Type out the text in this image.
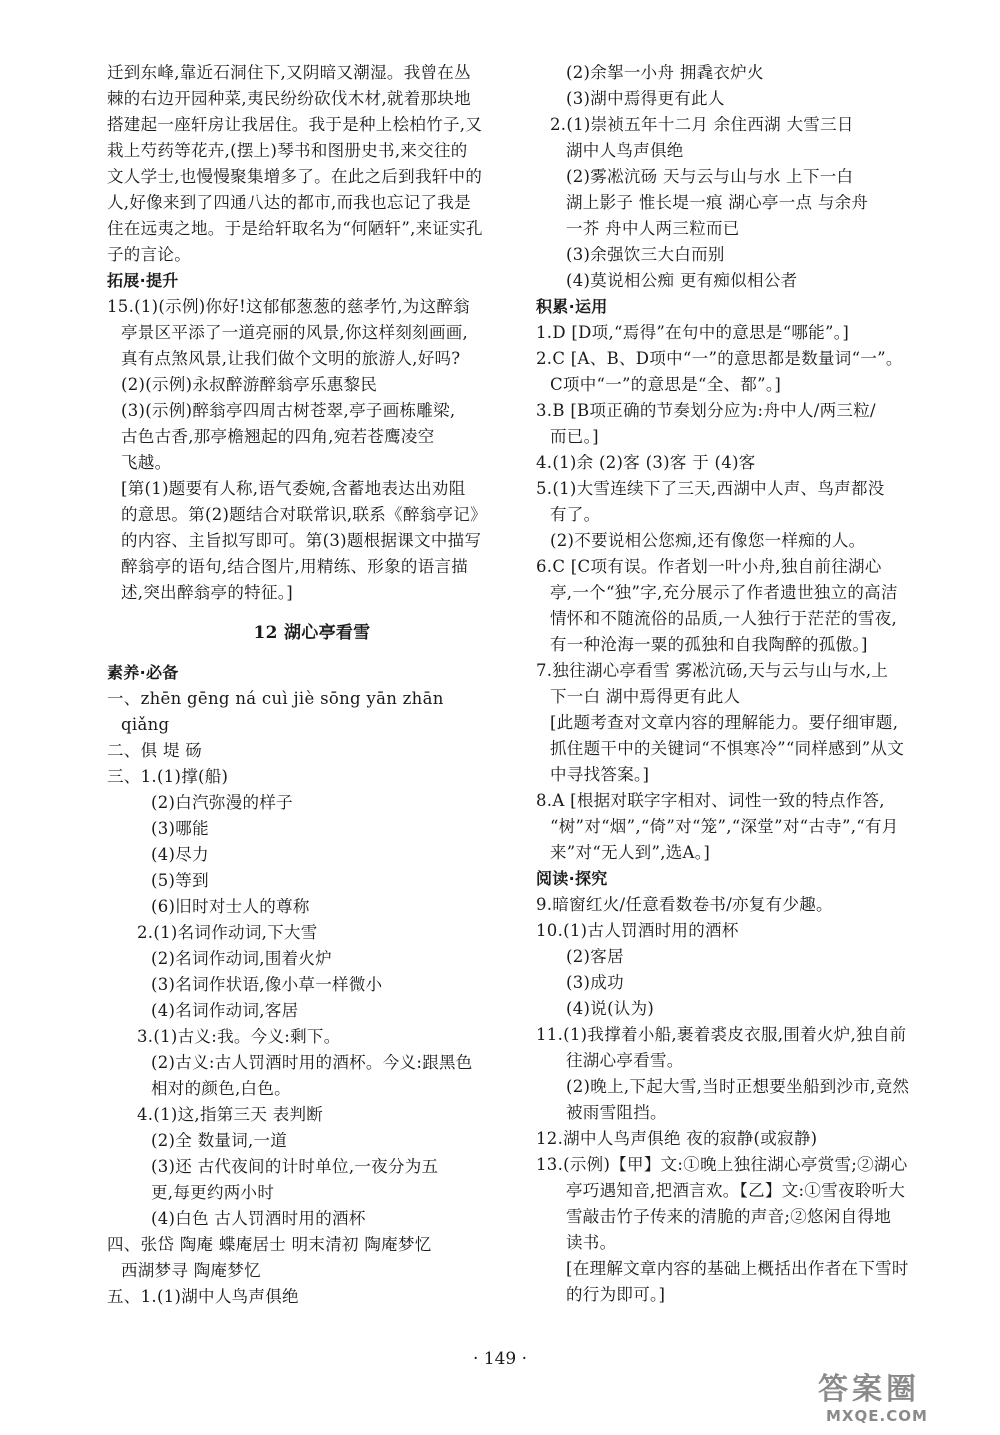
迁到东峰,靠近石洞住下,又阴暗又潮湿。我曾在丛
棘的右边开园种菜,夷民纷纷砍伐木材,就着那块地
搭建起一座轩房让我居住。我于是种上桧柏竹子,又
栽上芍药等花卉,(摆上)琴书和图册史书,来交往的
文人学士,也慢慢聚集增多了。在此之后到我轩中的
人,好像来到了四通八达的都市,而我也忘记了我是
住在远夷之地。于是给轩取名为“何陋轩”,来证实孔
子的言论。
拓展·提升
15.(1)(示例)你好!这郁郁葱葱的慈孝竹,为这醉翁
亭景区平添了一道亮丽的风景,你这样刻刻画画,
真有点煞风景,让我们做个文明的旅游人,好吗?
(2)(示例)永叔醉游醉翁亭乐惠黎民
(3)(示例)醉翁亭四周古树苍翠,亭子画栋雕梁,
古色古香,那亭檐翘起的四角,宛若苍鹰凌空
飞越。
[第(1)题要有人称,语气委婉,含蓄地表达出劝阻
的意思。第(2)题结合对联常识,联系《醉翁亭记》
的内容、主旨拟写即可。第(3)题根据课文中描写
醉翁亭的语句,结合图片,用精练、形象的语言描
述,突出醉翁亭的特征。]
12 湖心亭看雪
素养·必备
一、zhēn gēng ná cuì jiè sōng yān zhān
qiǎng
二、俱 堤 砀
三、1.(1)撑(船)
(2)白汽弥漫的样子
(3)哪能
(4)尽力
(5)等到
(6)旧时对士人的尊称
2.(1)名词作动词,下大雪
(2)名词作动词,围着火炉
(3)名词作状语,像小草一样微小
(4)名词作动词,客居
3.(1)古义:我。今义:剩下。
(2)古义:古人罚酒时用的酒杯。今义:跟黑色
相对的颜色,白色。
4.(1)这,指第三天 表判断
(2)全 数量词,一道
(3)还 古代夜间的计时单位,一夜分为五
更,每更约两小时
(4)白色 古人罚酒时用的酒杯
四、张岱 陶庵 蝶庵居士 明末清初 陶庵梦忆
西湖梦寻 陶庵梦忆
五、1.(1)湖中人鸟声俱绝
(2)余挐一小舟 拥毳衣炉火
(3)湖中焉得更有此人
2.(1)崇祯五年十二月 余住西湖 大雪三日
湖中人鸟声俱绝
(2)雾凇沆砀 天与云与山与水 上下一白
湖上影子 惟长堤一痕 湖心亭一点 与余舟
一芥 舟中人两三粒而已
(3)余强饮三大白而别
(4)莫说相公痴 更有痴似相公者
积累·运用
1.D [D项,“焉得”在句中的意思是“哪能”。]
2.C [A、B、D项中“一”的意思都是数量词“一”。
C项中“一”的意思是“全、都”。]
3.B [B项正确的节奏划分应为:舟中人/两三粒/
而已。]
4.(1)余 (2)客 (3)客 于 (4)客
5.(1)大雪连续下了三天,西湖中人声、鸟声都没
有了。
(2)不要说相公您痴,还有像您一样痴的人。
6.C [C项有误。作者划一叶小舟,独自前往湖心
亭,一个“独”字,充分展示了作者遗世独立的高洁
情怀和不随流俗的品质,一人独行于茫茫的雪夜,
有一种沧海一粟的孤独和自我陶醉的孤傲。]
7.独往湖心亭看雪 雾凇沆砀,天与云与山与水,上
下一白 湖中焉得更有此人
[此题考查对文章内容的理解能力。要仔细审题,
抓住题干中的关键词“不惧寒冷”“同样感到”从文
中寻找答案。]
8.A [根据对联字字相对、词性一致的特点作答,
“树”对“烟”,“倚”对“笼”,“深堂”对“古寺”,“有月
来”对“无人到”,选A。]
阅读·探究
9.暗窗红火/任意看数卷书/亦复有少趣。
10.(1)古人罚酒时用的酒杯
(2)客居
(3)成功
(4)说(认为)
11.(1)我撑着小船,裹着裘皮衣服,围着火炉,独自前
往湖心亭看雪。
(2)晚上,下起大雪,当时正想要坐船到沙市,竟然
被雨雪阻挡。
12.湖中人鸟声俱绝 夜的寂静(或寂静)
13.(示例)【甲】文:①晚上独往湖心亭赏雪;②湖心
亭巧遇知音,把酒言欢。【乙】文:①雪夜聆听大
雪敲击竹子传来的清脆的声音;②悠闲自得地
读书。
[在理解文章内容的基础上概括出作者在下雪时
的行为即可。]
· 149 ·
答案圈
MXQE.COM
